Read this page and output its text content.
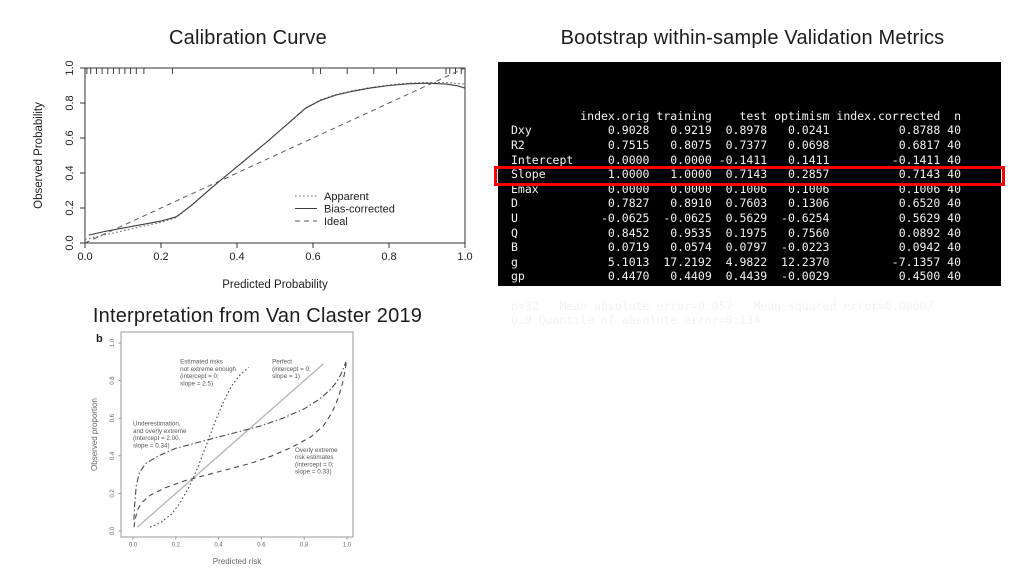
Calibration Curve
0.0	0.2	0.4	0.6	0.8	1.0
0.0
0.2
0.4
0.6
0.8
1.0
Predicted Probability
Observed Probability	Apparent
Bias-corrected
Ideal
Bootstrap within-sample Validation Metrics

index.orig training    test optimism index.corrected  n
Dxy           0.9028   0.9219  0.8978   0.0241          0.8788 40
R2            0.7515   0.8075  0.7377   0.0698          0.6817 40
Intercept     0.0000   0.0000 -0.1411   0.1411         -0.1411 40
Slope         1.0000   1.0000  0.7143   0.2857          0.7143 40
Emax          0.0000   0.0000  0.1006   0.1006          0.1006 40
D             0.7827   0.8910  0.7603   0.1306          0.6520 40
U            -0.0625  -0.0625  0.5629  -0.6254          0.5629 40
Q             0.8452   0.9535  0.1975   0.7560          0.0892 40
B             0.0719   0.0574  0.0797  -0.0223          0.0942 40
g             5.1013  17.2192  4.9822  12.2370         -7.1357 40
gp            0.4470   0.4409  0.4439  -0.0029          0.4500 40
n=32   Mean absolute error=0.057   Mean squared error=0.00607
0.9 Quantile of absolute error=0.134
Interpretation from Van Claster 2019
0.0	0.2	0.4	0.6	0.8	1.0
0.0
0.2
0.4
0.6
0.8
1.0
Predicted risk
Observed proportion
b
Estimated risks not extreme enough (intercept = 0; slope = 2.5)
Perfect (intercept = 0; slope = 1)
Underestimation, and overly extreme (intercept = 2.00, slope = 0.34)
Overly extreme risk estimates (intercept = 0; slope = 0.33)
